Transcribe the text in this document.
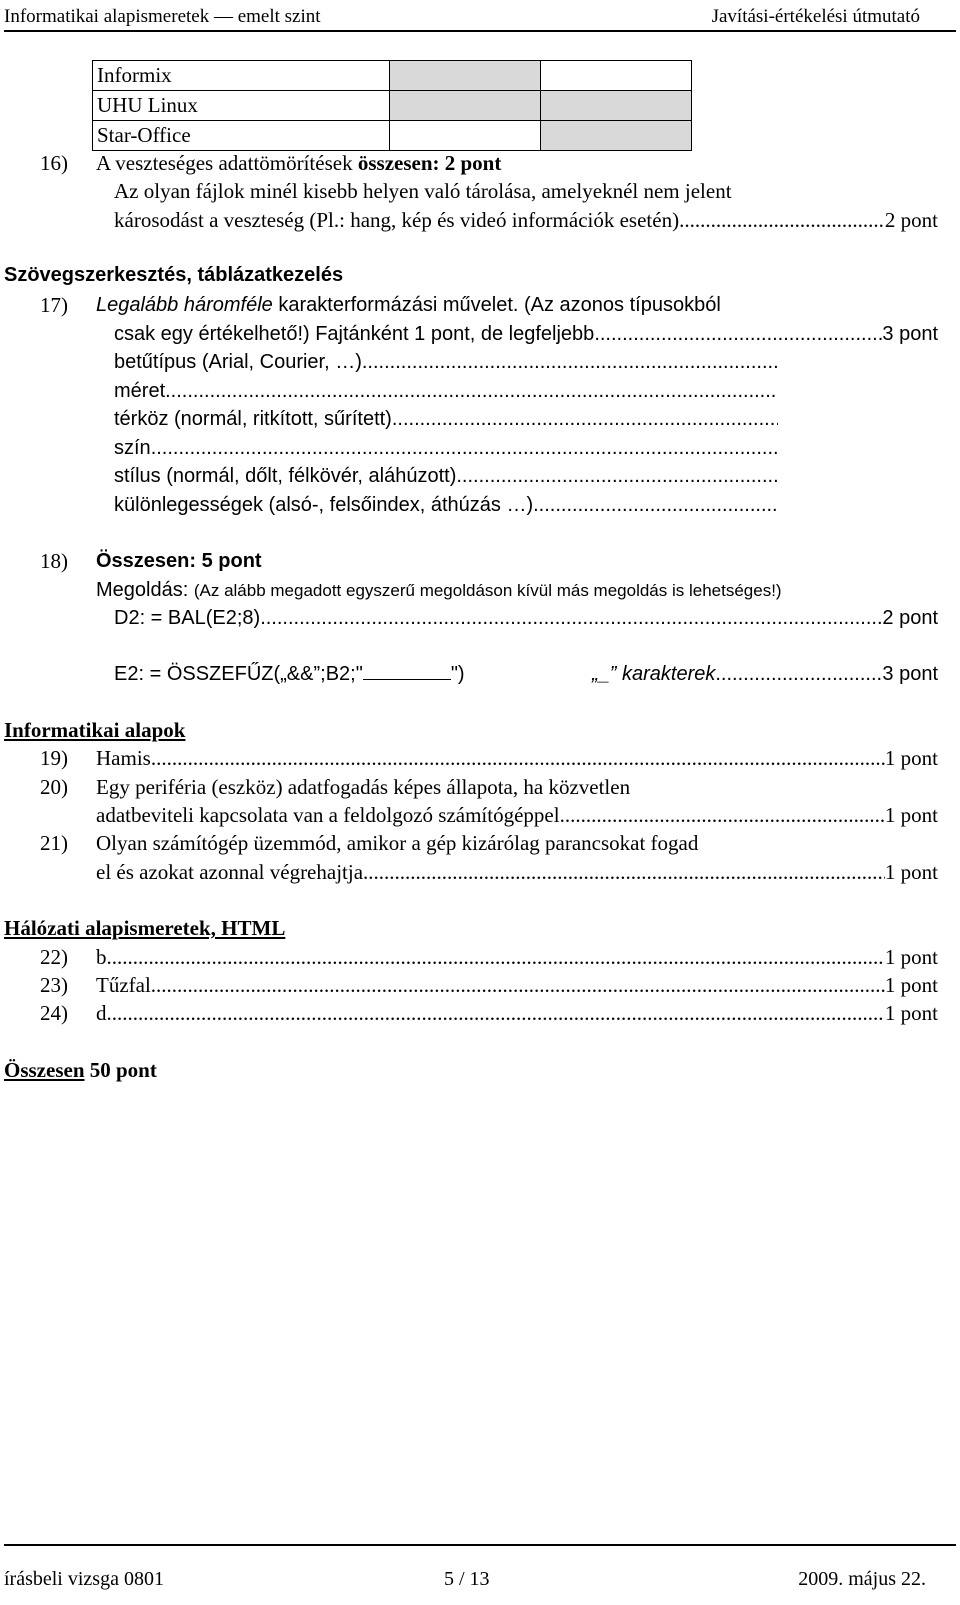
Informatikai alapismeretek — emelt szint	Javítási-értékelési útmutató
Informix		
UHU Linux		
Star-Office		
16) A veszteséges adattömörítések összesen: 2 pont
Az olyan fájlok minél kisebb helyen való tárolása, amelyeknél nem jelent
károsodást a veszteség (Pl.: hang, kép és videó információk esetén) .....	2 pont
Szövegszerkesztés, táblázatkezelés
17) Legalább háromféle karakterformázási művelet. (Az azonos típusokból
csak egy értékelhető!) Fajtánként 1 pont, de legfeljebb .....	3 pont
betűtípus (Arial, Courier, …)
.....
méret
.....
térköz (normál, ritkított, sűrített)
.....
szín
.....
stílus (normál, dőlt, félkövér, aláhúzott)
.....
különlegességek (alsó-, felsőindex, áthúzás …).
.....
18) Összesen: 5 pont
Megoldás: (Az alább megadott egyszerű megoldáson kívül más megoldás is lehetséges!)
D2: = BAL(E2;8) .....	2 pont
E2: = ÖSSZEFŰZ(„&&”;B2;"	")	„_” karakterek .....	3 pont
Informatikai alapok
19) Hamis .....	1 pont
20) Egy periféria (eszköz) adatfogadás képes állapota, ha közvetlen
adatbeviteli kapcsolata van a feldolgozó számítógéppel .....	1 pont
21) Olyan számítógép üzemmód, amikor a gép kizárólag parancsokat fogad
el és azokat azonnal végrehajtja .....	1 pont
Hálózati alapismeretek, HTML
22) b .....	1 pont
23) Tűzfal .....	1 pont
24) d .....	1 pont
Összesen 50 pont
írásbeli vizsga 0801	5 / 13	2009. május 22.
